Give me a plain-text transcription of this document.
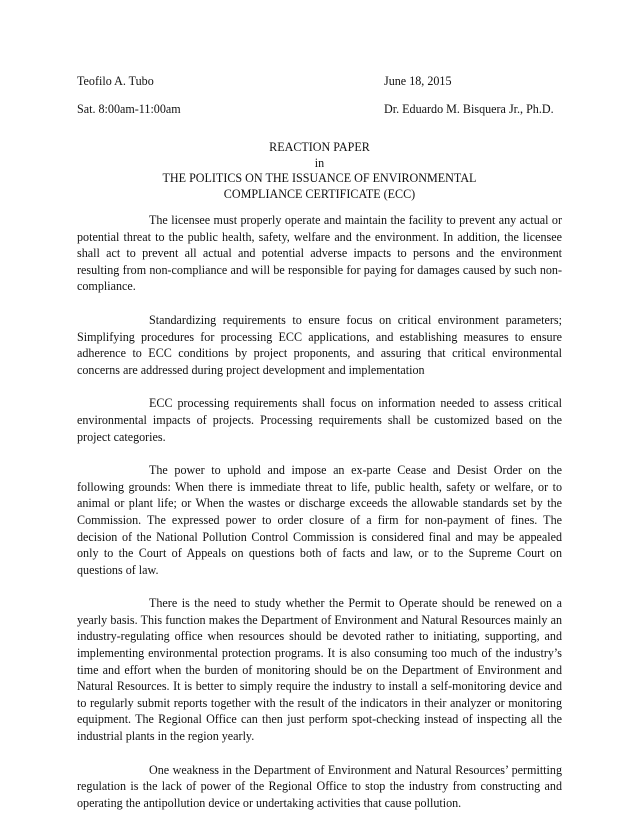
Teofilo A. Tubo	June 18, 2015
Sat. 8:00am-11:00am	Dr. Eduardo M. Bisquera Jr., Ph.D.
REACTION PAPER
in
THE POLITICS ON THE ISSUANCE OF ENVIRONMENTAL
COMPLIANCE CERTIFICATE (ECC)

The licensee must properly operate and maintain the facility to prevent any actual or potential threat to the public health, safety, welfare and the environment. In addition, the licensee shall act to prevent all actual and potential adverse impacts to persons and the environment resulting from non-compliance and will be responsible for paying for damages caused by such non-compliance.

Standardizing requirements to ensure focus on critical environment parameters; Simplifying procedures for processing ECC applications, and establishing measures to ensure adherence to ECC conditions by project proponents, and assuring that critical environmental concerns are addressed during project development and implementation

ECC processing requirements shall focus on information needed to assess critical environmental impacts of projects. Processing requirements shall be customized based on the project categories.

The power to uphold and impose an ex-parte Cease and Desist Order on the following grounds: When there is immediate threat to life, public health, safety or welfare, or to animal or plant life; or When the wastes or discharge exceeds the allowable standards set by the Commission. The expressed power to order closure of a firm for non-payment of fines. The decision of the National Pollution Control Commission is considered final and may be appealed only to the Court of Appeals on questions both of facts and law, or to the Supreme Court on questions of law.

There is the need to study whether the Permit to Operate should be renewed on a yearly basis. This function makes the Department of Environment and Natural Resources mainly an industry-regulating office when resources should be devoted rather to initiating, supporting, and implementing environmental protection programs. It is also consuming too much of the industry’s time and effort when the burden of monitoring should be on the Department of Environment and Natural Resources. It is better to simply require the industry to install a self-monitoring device and to regularly submit reports together with the result of the indicators in their analyzer or monitoring equipment. The Regional Office can then just perform spot-checking instead of inspecting all the industrial plants in the region yearly.

One weakness in the Department of Environment and Natural Resources’ permitting regulation is the lack of power of the Regional Office to stop the industry from constructing and operating the antipollution device or undertaking activities that cause pollution.
